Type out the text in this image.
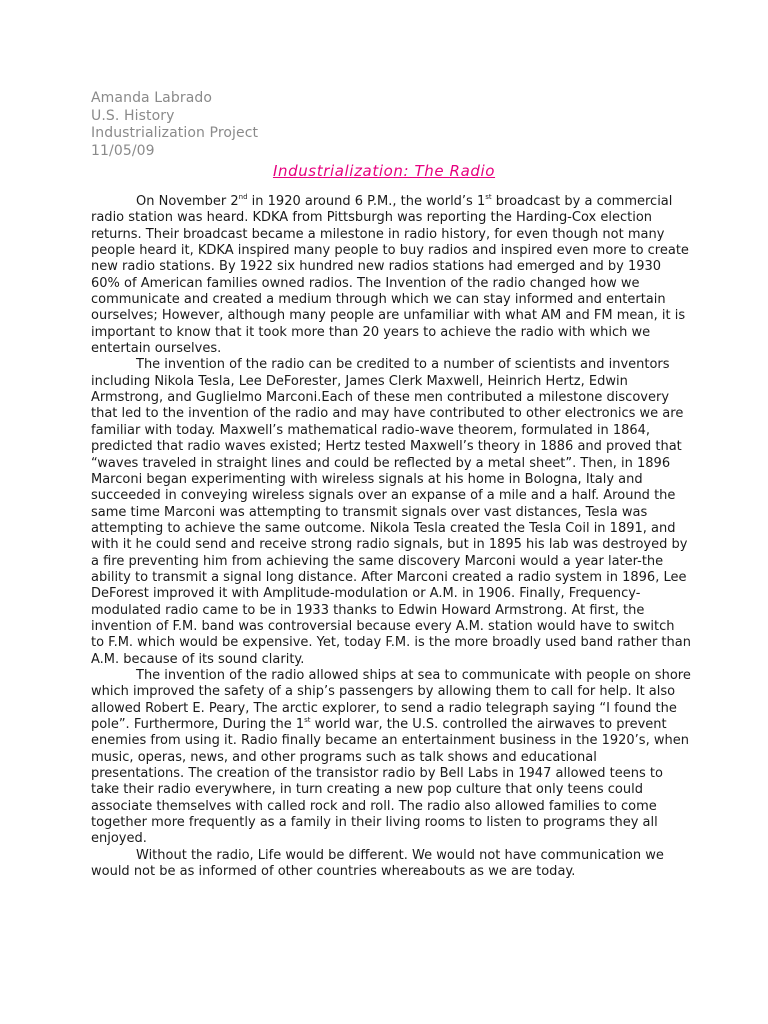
Amanda Labrado
U.S. History
Industrialization Project
11/05/09
Industrialization: The Radio

On November 2nd in 1920 around 6 P.M., the world’s 1st broadcast by a commercial radio station was heard. KDKA from Pittsburgh was reporting the Harding-Cox election returns. Their broadcast became a milestone in radio history, for even though not many people heard it, KDKA inspired many people to buy radios and inspired even more to create new radio stations. By 1922 six hundred new radios stations had emerged and by 1930 60% of American families owned radios. The Invention of the radio changed how we communicate and created a medium through which we can stay informed and entertain ourselves; However, although many people are unfamiliar with what AM and FM mean, it is important to know that it took more than 20 years to achieve the radio with which we entertain ourselves.

The invention of the radio can be credited to a number of scientists and inventors including Nikola Tesla, Lee DeForester, James Clerk Maxwell, Heinrich Hertz, Edwin Armstrong, and Guglielmo Marconi.Each of these men contributed a milestone discovery that led to the invention of the radio and may have contributed to other electronics we are familiar with today. Maxwell’s mathematical radio-wave theorem, formulated in 1864, predicted that radio waves existed; Hertz tested Maxwell’s theory in 1886 and proved that “waves traveled in straight lines and could be reflected by a metal sheet”. Then, in 1896 Marconi began experimenting with wireless signals at his home in Bologna, Italy and succeeded in conveying wireless signals over an expanse of a mile and a half. Around the same time Marconi was attempting to transmit signals over vast distances, Tesla was attempting to achieve the same outcome. Nikola Tesla created the Tesla Coil in 1891, and with it he could send and receive strong radio signals, but in 1895 his lab was destroyed by a fire preventing him from achieving the same discovery Marconi would a year later-the ability to transmit a signal long distance. After Marconi created a radio system in 1896, Lee DeForest improved it with Amplitude-modulation or A.M. in 1906. Finally, Frequency-modulated radio came to be in 1933 thanks to Edwin Howard Armstrong. At first, the invention of F.M. band was controversial because every A.M. station would have to switch to F.M. which would be expensive. Yet, today F.M. is the more broadly used band rather than A.M. because of its sound clarity.

The invention of the radio allowed ships at sea to communicate with people on shore which improved the safety of a ship’s passengers by allowing them to call for help. It also allowed Robert E. Peary, The arctic explorer, to send a radio telegraph saying “I found the pole”. Furthermore, During the 1st world war, the U.S. controlled the airwaves to prevent enemies from using it. Radio finally became an entertainment business in the 1920’s, when music, operas, news, and other programs such as talk shows and educational presentations. The creation of the transistor radio by Bell Labs in 1947 allowed teens to take their radio everywhere, in turn creating a new pop culture that only teens could associate themselves with called rock and roll. The radio also allowed families to come together more frequently as a family in their living rooms to listen to programs they all enjoyed.

Without the radio, Life would be different. We would not have communication we would not be as informed of other countries whereabouts as we are today.
